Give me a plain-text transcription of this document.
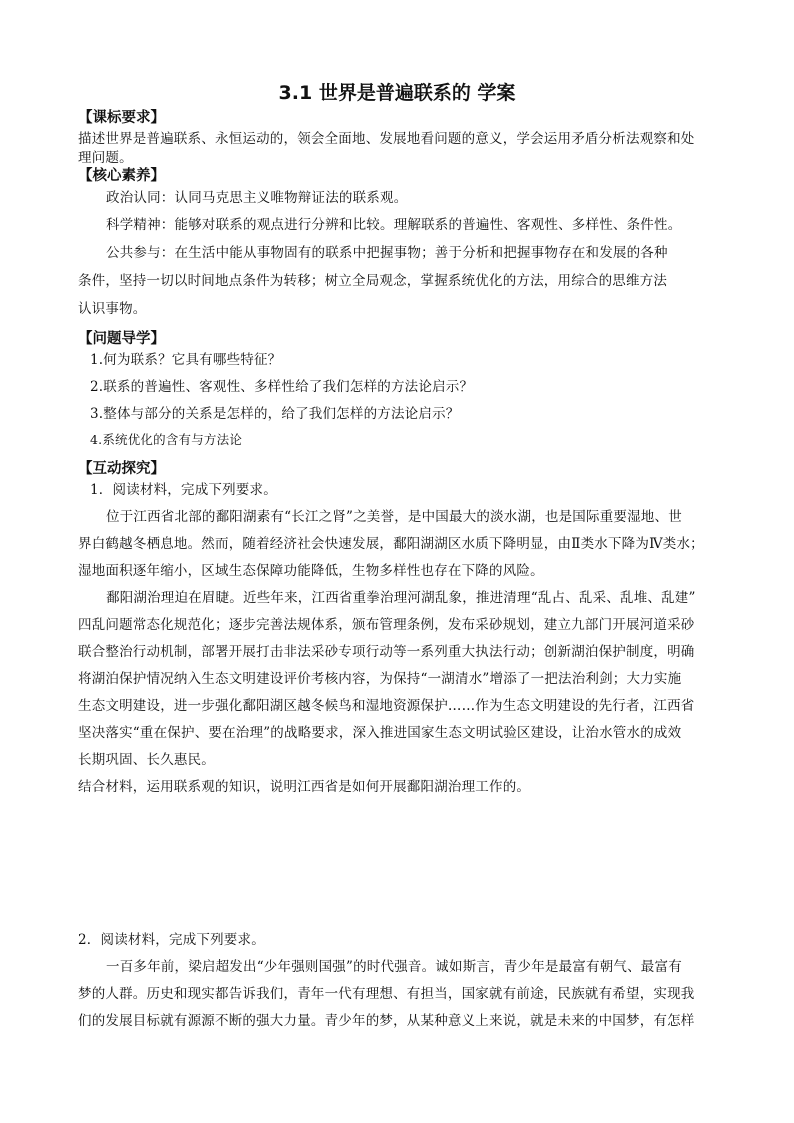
3.1 世界是普遍联系的 学案
【课标要求】
描述世界是普遍联系、永恒运动的，领会全面地、发展地看问题的意义，学会运用矛盾分析法观察和处
理问题。
【核心素养】
政治认同：认同马克思主义唯物辩证法的联系观。
科学精神：能够对联系的观点进行分辨和比较。理解联系的普遍性、客观性、多样性、条件性。
公共参与：在生活中能从事物固有的联系中把握事物；善于分析和把握事物存在和发展的各种
条件，坚持一切以时间地点条件为转移；树立全局观念，掌握系统优化的方法，用综合的思维方法
认识事物。
【问题导学】
1.何为联系？它具有哪些特征？
2.联系的普遍性、客观性、多样性给了我们怎样的方法论启示？
3.整体与部分的关系是怎样的，给了我们怎样的方法论启示？
4.系统优化的含有与方法论
【互动探究】
1．阅读材料，完成下列要求。
位于江西省北部的鄱阳湖素有“长江之肾”之美誉，是中国最大的淡水湖，也是国际重要湿地、世
界白鹤越冬栖息地。然而，随着经济社会快速发展，鄱阳湖湖区水质下降明显，由Ⅱ类水下降为Ⅳ类水；
湿地面积逐年缩小，区域生态保障功能降低，生物多样性也存在下降的风险。
鄱阳湖治理迫在眉睫。近些年来，江西省重拳治理河湖乱象，推进清理“乱占、乱采、乱堆、乱建”
四乱问题常态化规范化；逐步完善法规体系，颁布管理条例，发布采砂规划，建立九部门开展河道采砂
联合整治行动机制，部署开展打击非法采砂专项行动等一系列重大执法行动；创新湖泊保护制度，明确
将湖泊保护情况纳入生态文明建设评价考核内容，为保持“一湖清水”增添了一把法治利剑；大力实施
生态文明建设，进一步强化鄱阳湖区越冬候鸟和湿地资源保护……作为生态文明建设的先行者，江西省
坚决落实“重在保护、要在治理”的战略要求，深入推进国家生态文明试验区建设，让治水管水的成效
长期巩固、长久惠民。
结合材料，运用联系观的知识，说明江西省是如何开展鄱阳湖治理工作的。
2．阅读材料，完成下列要求。
一百多年前，梁启超发出“少年强则国强”的时代强音。诚如斯言，青少年是最富有朝气、最富有
梦的人群。历史和现实都告诉我们，青年一代有理想、有担当，国家就有前途，民族就有希望，实现我
们的发展目标就有源源不断的强大力量。青少年的梦，从某种意义上来说，就是未来的中国梦，有怎样
